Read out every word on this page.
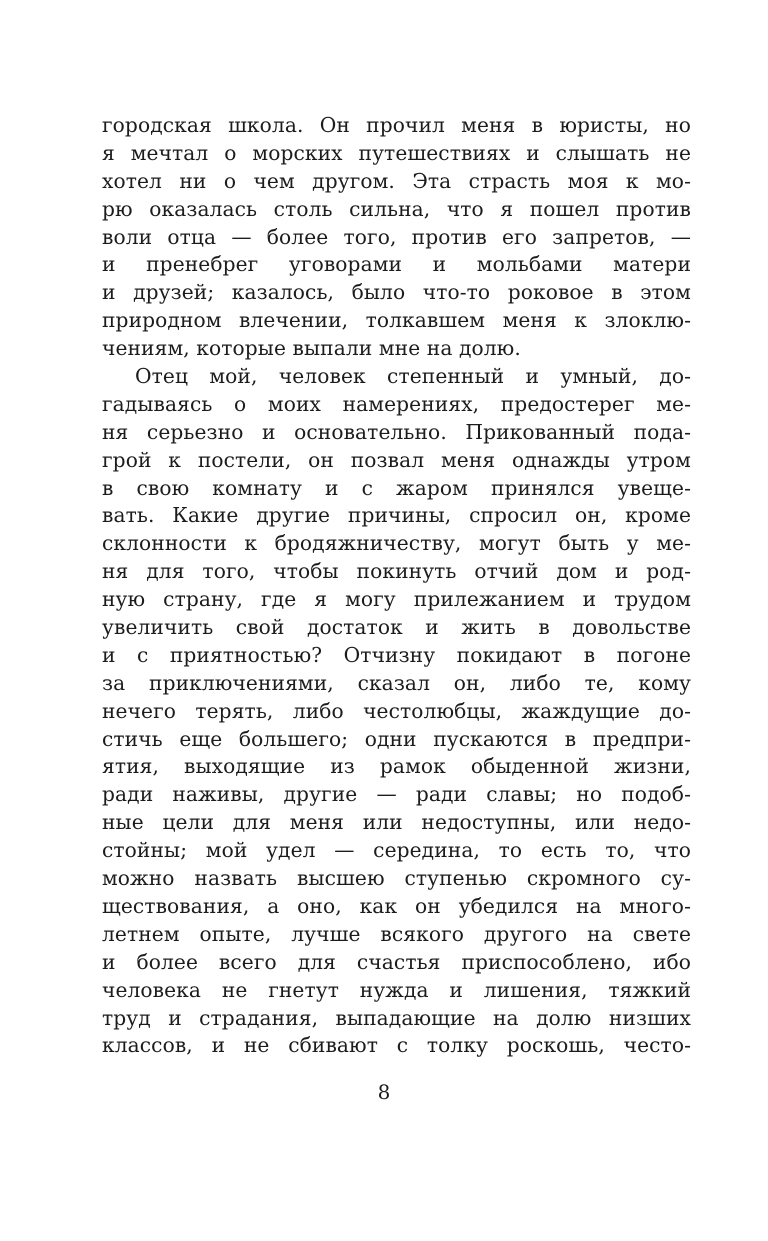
городская школа. Он прочил меня в юристы, но
я мечтал о морских путешествиях и слышать не
хотел ни о чем другом. Эта страсть моя к мо-
рю оказалась столь сильна, что я пошел против
воли отца — более того, против его запретов, —
и пренебрег уговорами и мольбами матери
и друзей; казалось, было что-то роковое в этом
природном влечении, толкавшем меня к злоклю-
чениям, которые выпали мне на долю.
Отец мой, человек степенный и умный, до-
гадываясь о моих намерениях, предостерег ме-
ня серьезно и основательно. Прикованный пода-
грой к постели, он позвал меня однажды утром
в свою комнату и с жаром принялся увеще-
вать. Какие другие причины, спросил он, кроме
склонности к бродяжничеству, могут быть у ме-
ня для того, чтобы покинуть отчий дом и род-
ную страну, где я могу прилежанием и трудом
увеличить свой достаток и жить в довольстве
и с приятностью? Отчизну покидают в погоне
за приключениями, сказал он, либо те, кому
нечего терять, либо честолюбцы, жаждущие до-
стичь еще большего; одни пускаются в предпри-
ятия, выходящие из рамок обыденной жизни,
ради наживы, другие — ради славы; но подоб-
ные цели для меня или недоступны, или недо-
стойны; мой удел — середина, то есть то, что
можно назвать высшею ступенью скромного су-
ществования, а оно, как он убедился на много-
летнем опыте, лучше всякого другого на свете
и более всего для счастья приспособлено, ибо
человека не гнетут нужда и лишения, тяжкий
труд и страдания, выпадающие на долю низших
классов, и не сбивают с толку роскошь, често-
8
